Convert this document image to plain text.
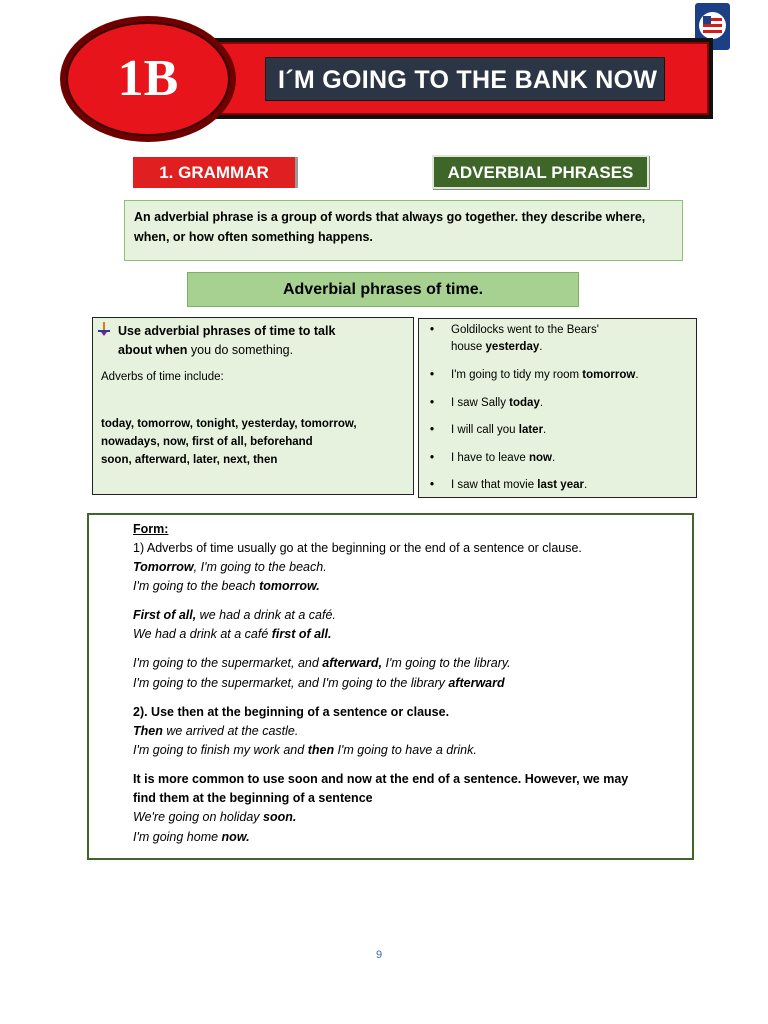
I´M GOING TO THE BANK NOW
1B
1. GRAMMAR	ADVERBIAL PHRASES
An adverbial phrase is a group of words that always go together. they describe where, when, or how often something happens.
Adverbial phrases of time.
Use adverbial phrases of time to talk
about when you do something.
Adverbs of time include:
today, tomorrow, tonight, yesterday, tomorrow,
nowadays, now, first of all, beforehand
soon, afterward, later, next, then
• Goldilocks went to the Bears'
house yesterday.
• I'm going to tidy my room tomorrow.
• I saw Sally today.
• I will call you later.
• I have to leave now.
• I saw that movie last year.
Form:
1) Adverbs of time usually go at the beginning or the end of a sentence or clause.
Tomorrow, I'm going to the beach.
I'm going to the beach tomorrow.
First of all, we had a drink at a café.
We had a drink at a café first of all.
I'm going to the supermarket, and afterward, I'm going to the library.
I'm going to the supermarket, and I'm going to the library afterward
2). Use then at the beginning of a sentence or clause.
Then we arrived at the castle.
I'm going to finish my work and then I'm going to have a drink.
It is more common to use soon and now at the end of a sentence. However, we may
find them at the beginning of a sentence
We're going on holiday soon.
I'm going home now.
9
